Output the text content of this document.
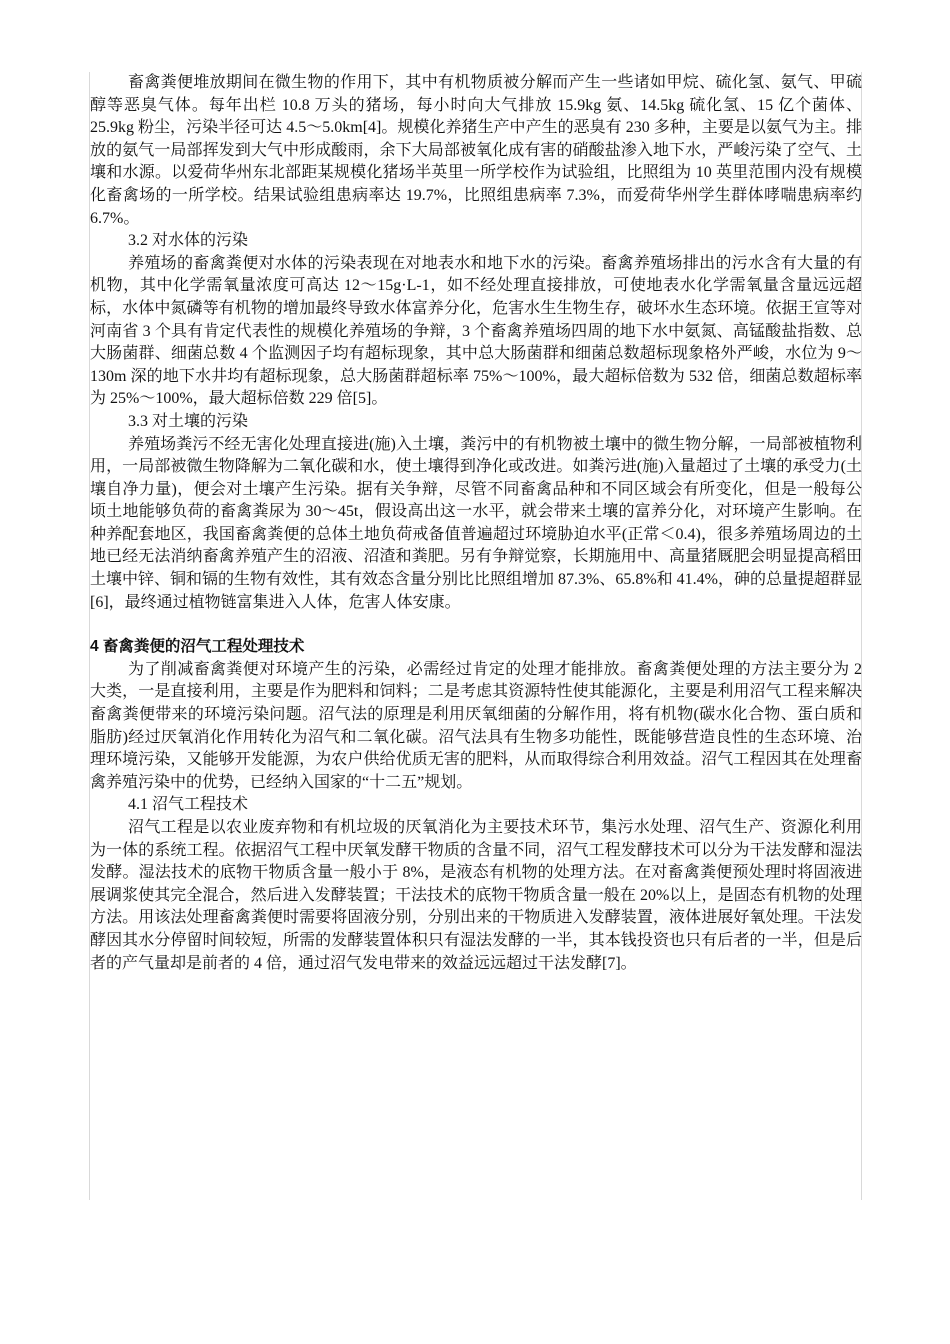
畜禽粪便堆放期间在微生物的作用下，其中有机物质被分解而产生一些诸如甲烷、硫化氢、氨气、甲硫醇等恶臭气体。每年出栏 10.8 万头的猪场，每小时向大气排放 15.9kg 氨、14.5kg 硫化氢、15 亿个菌体、25.9kg 粉尘，污染半径可达 4.5～5.0km[4]。规模化养猪生产中产生的恶臭有 230 多种，主要是以氨气为主。排放的氨气一局部挥发到大气中形成酸雨，余下大局部被氧化成有害的硝酸盐渗入地下水，严峻污染了空气、土壤和水源。以爱荷华州东北部距某规模化猪场半英里一所学校作为试验组，比照组为 10 英里范围内没有规模化畜禽场的一所学校。结果试验组患病率达 19.7%，比照组患病率 7.3%，而爱荷华州学生群体哮喘患病率约 6.7%。

3.2 对水体的污染

养殖场的畜禽粪便对水体的污染表现在对地表水和地下水的污染。畜禽养殖场排出的污水含有大量的有机物，其中化学需氧量浓度可高达 12～15g·L-1，如不经处理直接排放，可使地表水化学需氧量含量远远超标，水体中氮磷等有机物的增加最终导致水体富养分化，危害水生生物生存，破坏水生态环境。依据王宣等对河南省 3 个具有肯定代表性的规模化养殖场的争辩，3 个畜禽养殖场四周的地下水中氨氮、高锰酸盐指数、总大肠菌群、细菌总数 4 个监测因子均有超标现象，其中总大肠菌群和细菌总数超标现象格外严峻，水位为 9～130m 深的地下水井均有超标现象，总大肠菌群超标率 75%～100%，最大超标倍数为 532 倍，细菌总数超标率为 25%～100%，最大超标倍数 229 倍[5]。

3.3 对土壤的污染

养殖场粪污不经无害化处理直接进(施)入土壤，粪污中的有机物被土壤中的微生物分解，一局部被植物利用，一局部被微生物降解为二氧化碳和水，使土壤得到净化或改进。如粪污进(施)入量超过了土壤的承受力(土壤自净力量)，便会对土壤产生污染。据有关争辩，尽管不同畜禽品种和不同区域会有所变化，但是一般每公顷土地能够负荷的畜禽粪尿为 30～45t，假设高出这一水平，就会带来土壤的富养分化，对环境产生影响。在种养配套地区，我国畜禽粪便的总体土地负荷戒备值普遍超过环境胁迫水平(正常＜0.4)，很多养殖场周边的土地已经无法消纳畜禽养殖产生的沼液、沼渣和粪肥。另有争辩觉察，长期施用中、高量猪厩肥会明显提高稻田土壤中锌、铜和镉的生物有效性，其有效态含量分别比比照组增加 87.3%、65.8%和 41.4%，砷的总量提超群显[6]，最终通过植物链富集进入人体，危害人体安康。

4 畜禽粪便的沼气工程处理技术

为了削减畜禽粪便对环境产生的污染，必需经过肯定的处理才能排放。畜禽粪便处理的方法主要分为 2 大类，一是直接利用，主要是作为肥料和饲料；二是考虑其资源特性使其能源化，主要是利用沼气工程来解决畜禽粪便带来的环境污染问题。沼气法的原理是利用厌氧细菌的分解作用，将有机物(碳水化合物、蛋白质和脂肪)经过厌氧消化作用转化为沼气和二氧化碳。沼气法具有生物多功能性，既能够营造良性的生态环境、治理环境污染，又能够开发能源，为农户供给优质无害的肥料，从而取得综合利用效益。沼气工程因其在处理畜禽养殖污染中的优势，已经纳入国家的“十二五”规划。

4.1 沼气工程技术

沼气工程是以农业废弃物和有机垃圾的厌氧消化为主要技术环节，集污水处理、沼气生产、资源化利用为一体的系统工程。依据沼气工程中厌氧发酵干物质的含量不同，沼气工程发酵技术可以分为干法发酵和湿法发酵。湿法技术的底物干物质含量一般小于 8%，是液态有机物的处理方法。在对畜禽粪便预处理时将固液进展调浆使其完全混合，然后进入发酵装置；干法技术的底物干物质含量一般在 20%以上，是固态有机物的处理方法。用该法处理畜禽粪便时需要将固液分别，分别出来的干物质进入发酵装置，液体进展好氧处理。干法发酵因其水分停留时间较短，所需的发酵装置体积只有湿法发酵的一半，其本钱投资也只有后者的一半，但是后者的产气量却是前者的 4 倍，通过沼气发电带来的效益远远超过干法发酵[7]。
